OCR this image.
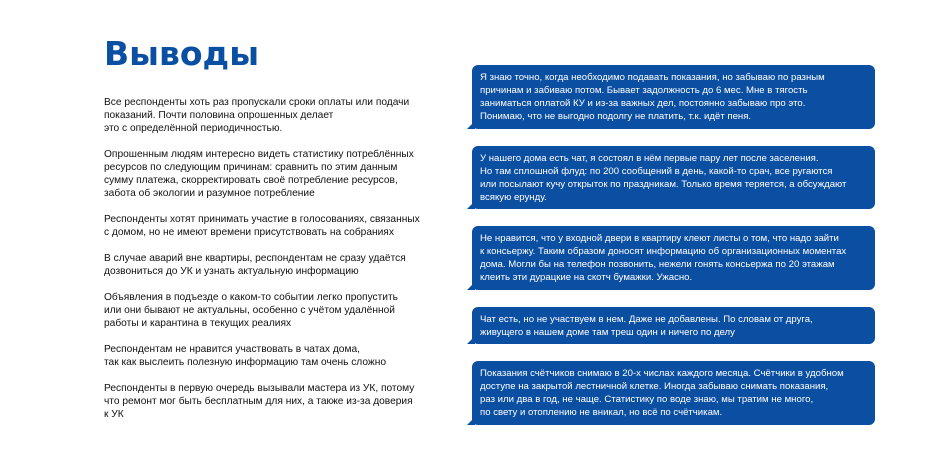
Выводы

Все респонденты хоть раз пропускали сроки оплаты или подачи
показаний. Почти половина опрошенных делает
это с определённой периодичностью.

Опрошенным людям интересно видеть статистику потреблённых
ресурсов по следующим причинам: сравнить по этим данным
сумму платежа, скорректировать своё потребление ресурсов,
забота об экологии и разумное потребление

Респонденты хотят принимать участие в голосованиях, связанных
с домом, но не имеют времени присутствовать на собраниях

В случае аварий вне квартиры, респондентам не сразу удаётся
дозвониться до УК и узнать актуальную информацию

Объявления в подъезде о каком-то событии легко пропустить
или они бывают не актуальны, особенно с учётом удалённой
работы и карантина в текущих реалиях

Респондентам не нравится участвовать в чатах дома,
так как выслеить полезную информацию там очень сложно

Респонденты в первую очередь вызывали мастера из УК, потому
что ремонт мог быть бесплатным для них, а также из-за доверия
к УК

Я знаю точно, когда необходимо подавать показания, но забываю по разным
причинам и забиваю потом. Бывает задолжность до 6 мес. Мне в тягость
заниматься оплатой КУ и из-за важных дел, постоянно забываю про это.
Понимаю, что не выгодно подолгу не платить, т.к. идёт пеня.
У нашего дома есть чат, я состоял в нём первые пару лет после заселения.
Но там сплошной флуд: по 200 сообщений в день, какой-то срач, все ругаются
или посылают кучу открыток по праздникам. Только время теряется, а обсуждают
всякую ерунду.
Не нравится, что у входной двери в квартиру клеют листы о том, что надо зайти
к консьержу. Таким образом доносят информацию об организационных моментах
дома. Могли бы на телефон позвонить, нежели гонять консьержа по 20 этажам
клеить эти дурацкие на скотч бумажки. Ужасно.
Чат есть, но не участвуем в нем. Даже не добавлены. По словам от друга,
живущего в нашем доме там треш один и ничего по делу
Показания счётчиков снимаю в 20-х числах каждого месяца. Счётчики в удобном
доступе на закрытой лестничной клетке. Иногда забываю снимать показания,
раз или два в год, не чаще. Статистику по воде знаю, мы тратим не много,
по свету и отоплению не вникал, но всё по счётчикам.
